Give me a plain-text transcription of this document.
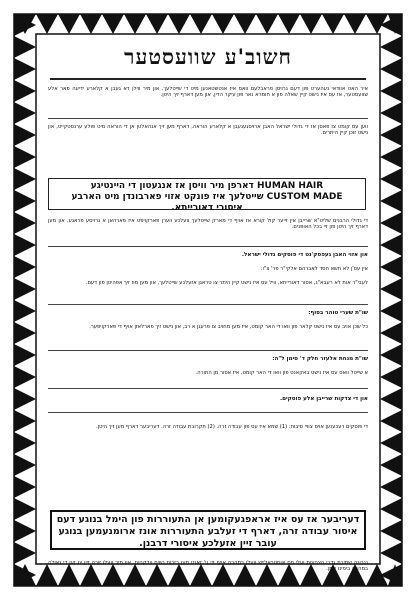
חשוב'ע שוועסטער
איר האט אוודאי געהערט פון דעם גרויסן פראבלעם וואס איז אנטשטאנען מיט די שייטלעך, און מיר ווילן דא געבן א קלארע ידיעה פאר אלע שוועסטער, אז עס איז נישט קיין שאלה פון א חומרא נאר פון עיקר הדין, און מען דארף זיך היטן.
ווען עס קומט צו פאסן אז די גדולי ישראל האבן ארויסגעגעבן א קלארע הוראה, דארף מען זיך אנהאלטן אן די הוראה מיט פולע ערנסטקייט, און נישט זוכן קיין היתרים.
HUMAN HAIR דארפן מיר וויסן אז אנגעטון די היינטיגע
CUSTOM MADE שייטלעך איז פונקט אזוי פארבונדן מיט הארבע
איסורי דאורייתא.
די גדולי הרבנים שליט"א שרייבן אין זייער קול קורא אז אויף די מארק שייטלעך וועלכע ווערן פארקויפט איז פארהאן א גרויסע פראגע, און מען דארף זיך היטן פון זיי בכל האופנים.
און אזוי האבן געפסק'נט די פוסקים גדולי ישראל.
אין עס'ן לא תשא חסד לאברהם אלקי"ר פר' צ"ו:
לעבי"ר אות לא רעבא"ג, אסור דאורייתא, וויל עס איז נישט קיין היתר צו טראגן אזעלכע שייטלעך, און מען מוז זיך אפהיטן פון דעם.
שו"ת שערי טוהר בסוף:
כל שכן אויב עס איז נישט קלאר פון וואו די האר קומט, איז מען מחויב צו פרעגן א רב, און נישט זיך פארלאזן אויף די פארקויפער.
שו"ת מנחת אלעזר חלק ד' סימן ל"ה:
א שייטל וואס עס איז נישט באקאנט פון וואו די האר קומט, איז אסור מן התורה.
און די צדקות שרייבן אלע פוסקים.
די פוסקים רעכענען אויס צוויי סיבות: (1) שמא איז עס פון עבודה זרה. (2) תקרובת עבודה זרה. דעריבער דארף מען זיך היטן.
דעריבער אז עס איז אראפגעקומען אן התעוררות פון הימל בנוגע דעם
איסור עבודה זרה, דארף די זעלבע התעוררות אונז ארומנעמען בנוגע
עובר זיין אזעלכע איסורי דרבנן.
נגבונה שמירת גדרי הצניעות ועלי פס אוסטראלייש וועלן במהרה אויף זיי גי' זאגט מען בזכות נשים צדקניות, און מיר וועלן זוכה זיין צו זען די גאולה במהרה בימינו אמן.
